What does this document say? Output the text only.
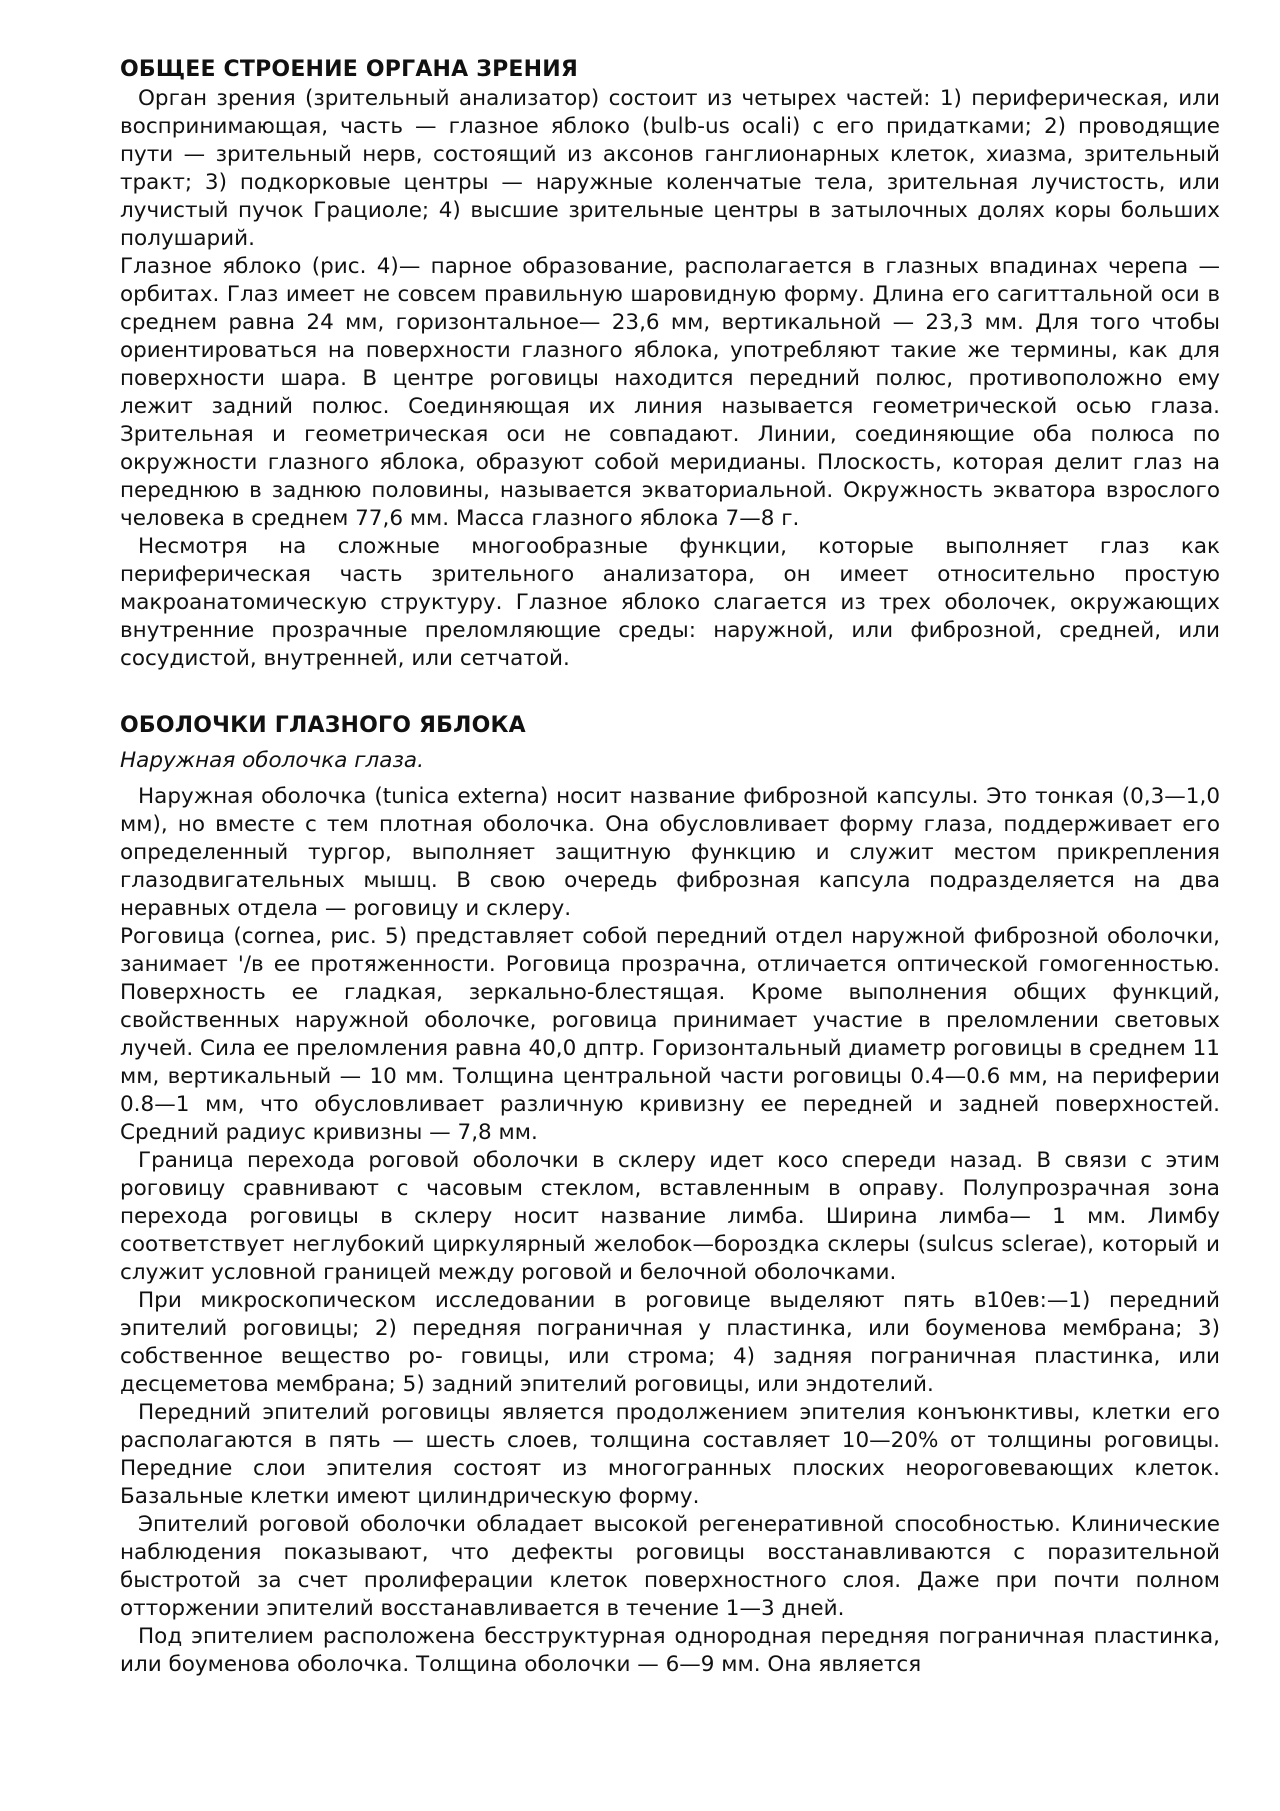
ОБЩЕЕ СТРОЕНИЕ ОРГАНА ЗРЕНИЯ

Орган зрения (зрительный анализатор) состоит из четырех частей: 1) периферическая, или воспринимающая, часть — глазное яблоко (bulb-us ocali) с его придатками; 2) проводящие пути — зрительный нерв, состоящий из аксонов ганглионарных клеток, хиазма, зрительный тракт; 3) подкорковые центры — наружные коленчатые тела, зрительная лучистость, или лучистый пучок Грациоле; 4) высшие зрительные центры в затылочных долях коры больших полушарий.

Глазное яблоко (рис. 4)— парное образование, располагается в глазных впадинах черепа — орбитах. Глаз имеет не совсем правильную шаровидную форму. Длина его сагиттальной оси в среднем равна 24 мм, горизонтальное— 23,6 мм, вертикальной — 23,3 мм. Для того чтобы ориентироваться на поверхности глазного яблока, употребляют такие же термины, как для поверхности шара. В центре роговицы находится передний полюс, противоположно ему лежит задний полюс. Соединяющая их линия называется геометрической осью глаза. Зрительная и геометрическая оси не совпадают. Линии, соединяющие оба полюса по окружности глазного яблока, образуют собой меридианы. Плоскость, которая делит глаз на переднюю в заднюю половины, называется экваториальной. Окружность экватора взрослого человека в среднем 77,6 мм. Масса глазного яблока 7—8 г.

Несмотря на сложные многообразные функции, которые выполняет глаз как периферическая часть зрительного анализатора, он имеет относительно простую макроанатомическую структуру. Глазное яблоко слагается из трех оболочек, окружающих внутренние прозрачные преломляющие среды: наружной, или фиброзной, средней, или сосудистой, внутренней, или сетчатой.

ОБОЛОЧКИ ГЛАЗНОГО ЯБЛОКА
Наружная оболочка глаза.

Наружная оболочка (tunica externa) носит название фиброзной капсулы. Это тонкая (0,3—1,0 мм), но вместе с тем плотная оболочка. Она обусловливает форму глаза, поддерживает его определенный тургор, выполняет защитную функцию и служит местом прикрепления глазодвигательных мышц. В свою очередь фиброзная капсула подразделяется на два неравных отдела — роговицу и склеру.

Роговица (cornea, рис. 5) представляет собой передний отдел наружной фиброзной оболочки, занимает '/в ее протяженности. Роговица прозрачна, отличается оптической гомогенностью. Поверхность ее гладкая, зеркально-блестящая. Кроме выполнения общих функций, свойственных наружной оболочке, роговица принимает участие в преломлении световых лучей. Сила ее преломления равна 40,0 дптр. Горизонтальный диаметр роговицы в среднем 11 мм, вертикальный — 10 мм. Толщина центральной части роговицы 0.4—0.6 мм, на периферии 0.8—1 мм, что обусловливает различную кривизну ее передней и задней поверхностей. Средний радиус кривизны — 7,8 мм.

Граница перехода роговой оболочки в склеру идет косо спереди назад. В связи с этим роговицу сравнивают с часовым стеклом, вставленным в оправу. Полупрозрачная зона перехода роговицы в склеру носит название лимба. Ширина лимба— 1 мм. Лимбу соответствует неглубокий циркулярный желобок—бороздка склеры (sulcus sclerae), который и служит условной границей между роговой и белочной оболочками.

При микроскопическом исследовании в роговице выделяют пять в10ев:—1) передний эпителий роговицы; 2) передняя пограничная у пластинка, или боуменова мембрана; 3) собственное вещество ро- говицы, или строма; 4) задняя пограничная пластинка, или десцеметова мембрана; 5) задний эпителий роговицы, или эндотелий.

Передний эпителий роговицы является продолжением эпителия конъюнктивы, клетки его располагаются в пять — шесть слоев, толщина составляет 10—20% от толщины роговицы. Передние слои эпителия состоят из многогранных плоских неороговевающих клеток. Базальные клетки имеют цилиндрическую форму.

Эпителий роговой оболочки обладает высокой регенеративной способностью. Клинические наблюдения показывают, что дефекты роговицы восстанавливаются с поразительной быстротой за счет пролиферации клеток поверхностного слоя. Даже при почти полном отторжении эпителий восстанавливается в течение 1—3 дней.

Под эпителием расположена бесструктурная однородная передняя пограничная пластинка, или боуменова оболочка. Толщина оболочки — 6—9 мм. Она является
